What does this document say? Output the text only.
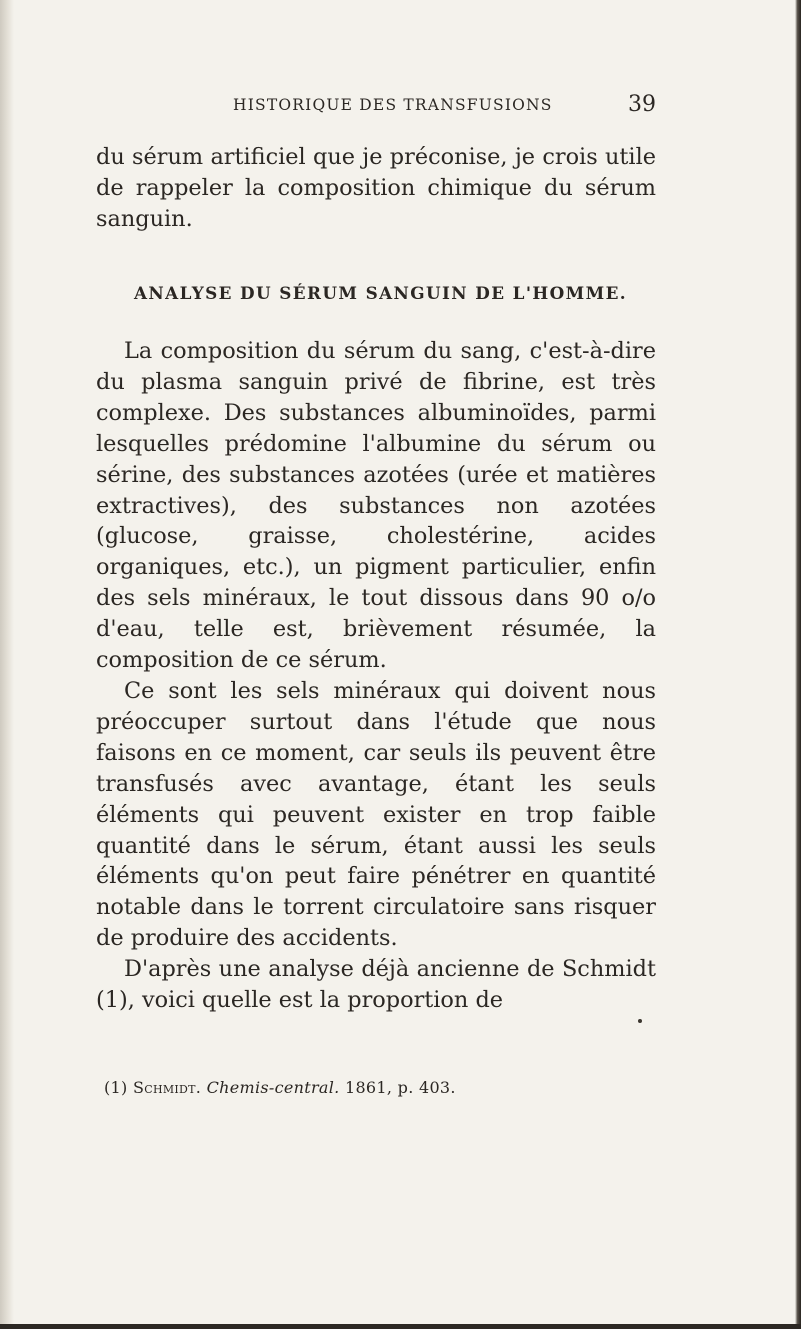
HISTORIQUE DES TRANSFUSIONS	39

du sérum artificiel que je préconise, je crois utile de rappeler la composition chimique du sérum sanguin.

ANALYSE DU SÉRUM SANGUIN DE L'HOMME.

La composition du sérum du sang, c'est-à-dire du plasma sanguin privé de fibrine, est très complexe. Des substances albuminoïdes, parmi lesquelles prédomine l'albumine du sérum ou sérine, des substances azotées (urée et matières extractives), des substances non azotées (glucose, graisse, cholestérine, acides organiques, etc.), un pigment particulier, enfin des sels minéraux, le tout dissous dans 90 o/o d'eau, telle est, brièvement résumée, la composition de ce sérum.

Ce sont les sels minéraux qui doivent nous préoccuper surtout dans l'étude que nous faisons en ce moment, car seuls ils peuvent être transfusés avec avantage, étant les seuls éléments qui peuvent exister en trop faible quantité dans le sérum, étant aussi les seuls éléments qu'on peut faire pénétrer en quantité notable dans le torrent circulatoire sans risquer de produire des accidents.

D'après une analyse déjà ancienne de Schmidt (1), voici quelle est la proportion de

(1) Schmidt. Chemis-central. 1861, p. 403.
